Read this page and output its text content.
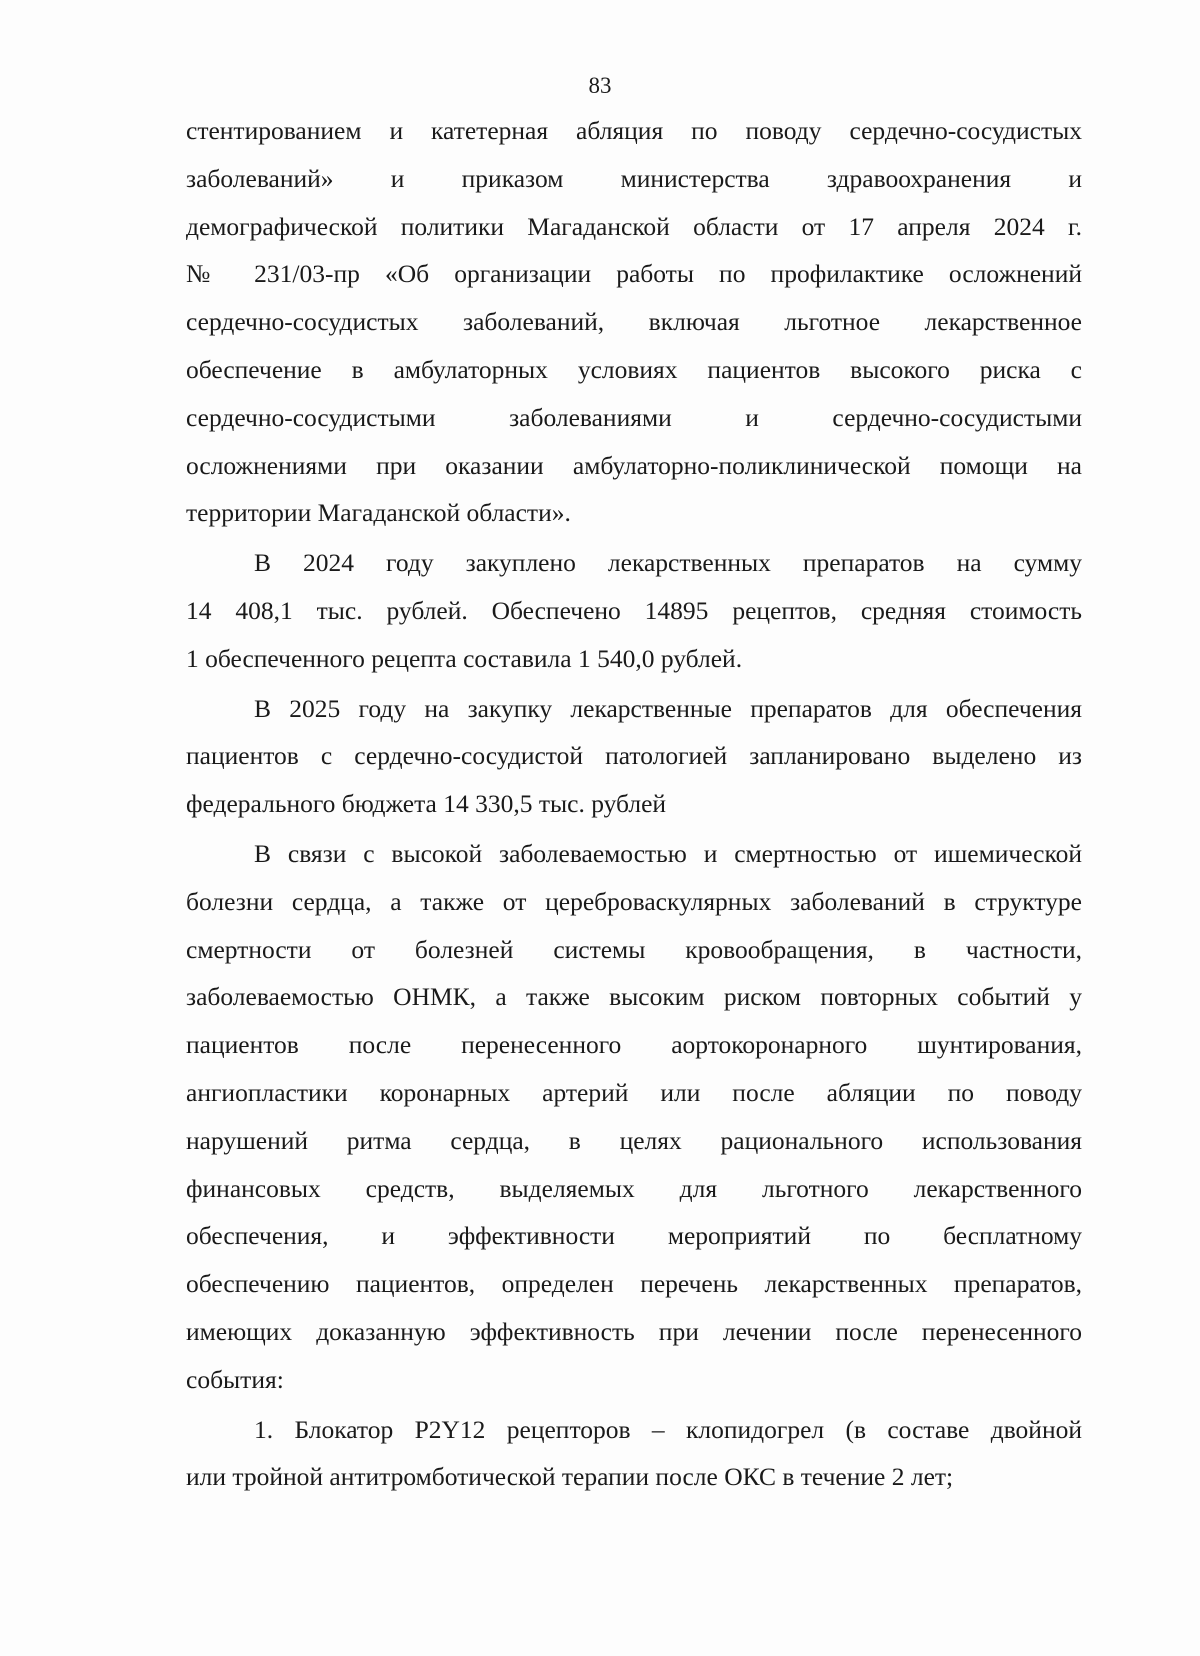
83

стентированием и катетерная абляция по поводу сердечно-сосудистых
заболеваний» и приказом министерства здравоохранения и
демографической политики Магаданской области от 17 апреля 2024 г.
№ 231/03-пр «Об организации работы по профилактике осложнений
сердечно-сосудистых заболеваний, включая льготное лекарственное
обеспечение в амбулаторных условиях пациентов высокого риска с
сердечно-сосудистыми заболеваниями и сердечно-сосудистыми
осложнениями при оказании амбулаторно-поликлинической помощи на
территории Магаданской области».

В 2024 году закуплено лекарственных препаратов на сумму
14 408,1 тыс. рублей. Обеспечено 14895 рецептов, средняя стоимость
1 обеспеченного рецепта составила 1 540,0 рублей.

В 2025 году на закупку лекарственные препаратов для обеспечения
пациентов с сердечно-сосудистой патологией запланировано выделено из
федерального бюджета 14 330,5 тыс. рублей

В связи с высокой заболеваемостью и смертностью от ишемической
болезни сердца, а также от цереброваскулярных заболеваний в структуре
смертности от болезней системы кровообращения, в частности,
заболеваемостью ОНМК, а также высоким риском повторных событий у
пациентов после перенесенного аортокоронарного шунтирования,
ангиопластики коронарных артерий или после абляции по поводу
нарушений ритма сердца, в целях рационального использования
финансовых средств, выделяемых для льготного лекарственного
обеспечения, и эффективности мероприятий по бесплатному
обеспечению пациентов, определен перечень лекарственных препаратов,
имеющих доказанную эффективность при лечении после перенесенного
события:

1. Блокатор P2Y12 рецепторов – клопидогрел (в составе двойной
или тройной антитромботической терапии после ОКС в течение 2 лет;
